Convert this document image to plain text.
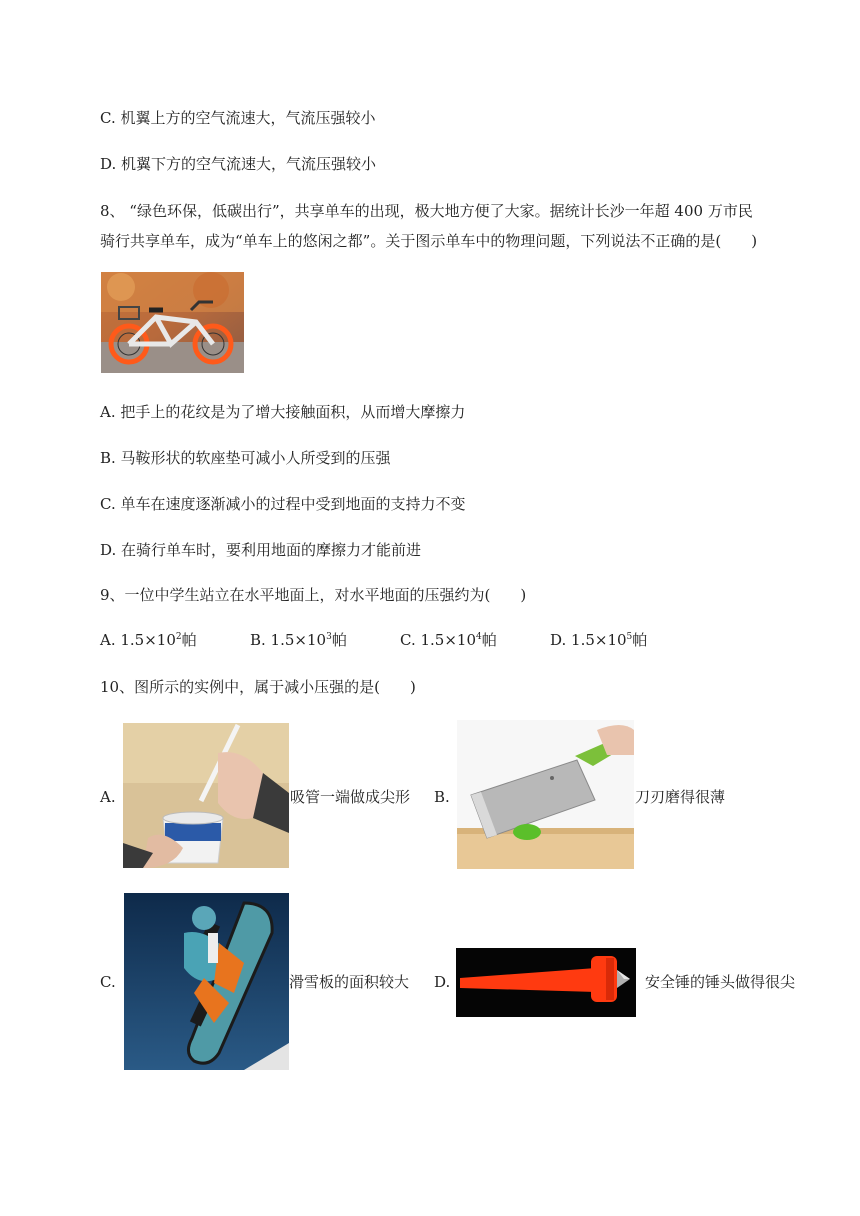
C. 机翼上方的空气流速大，气流压强较小
D. 机翼下方的空气流速大，气流压强较小
8、 “绿色环保，低碳出行”，共享单车的出现，极大地方便了大家。据统计长沙一年超 400 万市民
骑行共享单车，成为“单车上的悠闲之都”。关于图示单车中的物理问题，下列说法不正确的是(　　)
A. 把手上的花纹是为了增大接触面积，从而增大摩擦力
B. 马鞍形状的软座垫可减小人所受到的压强
C. 单车在速度逐渐减小的过程中受到地面的支持力不变
D. 在骑行单车时，要利用地面的摩擦力才能前进
9、一位中学生站立在水平地面上，对水平地面的压强约为(　　)
A. $1.5\times 10^2$帕	B. $1.5\times 10^3$帕	C. $1.5\times 10^4$帕	D. $1.5\times 10^5$帕
10、图所示的实例中，属于减小压强的是(　　)
A.	吸管一端做成尖形 B.	刀刃磨得很薄
C.	滑雪板的面积较大 D.	安全锤的锤头做得很尖
